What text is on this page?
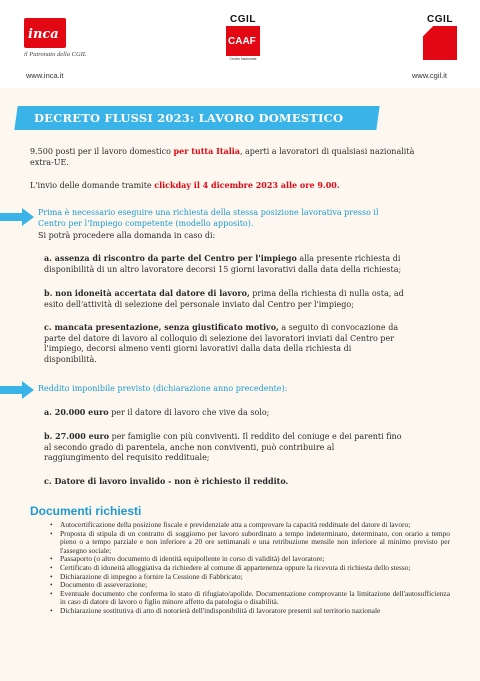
inca
il Patronato della CGIL
www.inca.it
CGIL
CAAF
Centro Nazionale
CGIL
www.cgil.it
DECRETO FLUSSI 2023: LAVORO DOMESTICO
9.500 posti per il lavoro domestico per tutta Italia, aperti a lavoratori di qualsiasi nazionalità
extra-UE.
L'invio delle domande tramite clickday il 4 dicembre 2023 alle ore 9.00.
Prima è necessario eseguire una richiesta della stessa posizione lavorativa presso il
Centro per l'Impiego competente (modello apposito).
Si potrà procedere alla domanda in caso di:
a. assenza di riscontro da parte del Centro per l'impiego alla presente richiesta di
disponibilità di un altro lavoratore decorsi 15 giorni lavorativi dalla data della richiesta;
b. non idoneità accertata dal datore di lavoro, prima della richiesta di nulla osta, ad
esito dell'attività di selezione del personale inviato dal Centro per l'impiego;
c. mancata presentazione, senza giustificato motivo, a seguito di convocazione da
parte del datore di lavoro al colloquio di selezione dei lavoratori inviati dal Centro per
l'impiego, decorsi almeno venti giorni lavorativi dalla data della richiesta di
disponibilità.
Reddito imponibile previsto (dichiarazione anno precedente):
a. 20.000 euro per il datore di lavoro che vive da solo;
b. 27.000 euro per famiglie con più conviventi. Il reddito del coniuge e dei parenti fino
al secondo grado di parentela, anche non conviventi, può contribuire al
raggiungimento del requisito reddituale;
c. Datore di lavoro invalido - non è richiesto il reddito.
Documenti richiesti
• Autocertificazione della posizione fiscale e previdenziale atta a comprovare la capacità reddituale del datore di lavoro;
• Proposta di stipula di un contratto di soggiorno per lavoro subordinato a tempo indeterminato, determinato, con orario a tempo pieno o a tempo parziale e non inferiore a 20 ore settimanali e una retribuzione mensile non inferiore al minimo previsto per l'assegno sociale;
• Passaporto (o altro documento di identità equipollente in corso di validità) del lavoratore;
• Certificato di idoneità alloggiativa da richiedere al comune di appartenenza oppure la ricevuta di richiesta dello stesso;
• Dichiarazione di impegno a fornire la Cessione di Fabbricato;
• Documento di asseverazione;
• Eventuale documento che conferma lo stato di rifugiato/apolide. Documentazione comprovante la limitazione dell'autosufficienza in caso di datore di lavoro o figlio minore affetto da patologia o disabilità.
• Dichiarazione sostitutiva di atto di notorietà dell'indisponibilità di lavoratore presenti sul territorio nazionale
